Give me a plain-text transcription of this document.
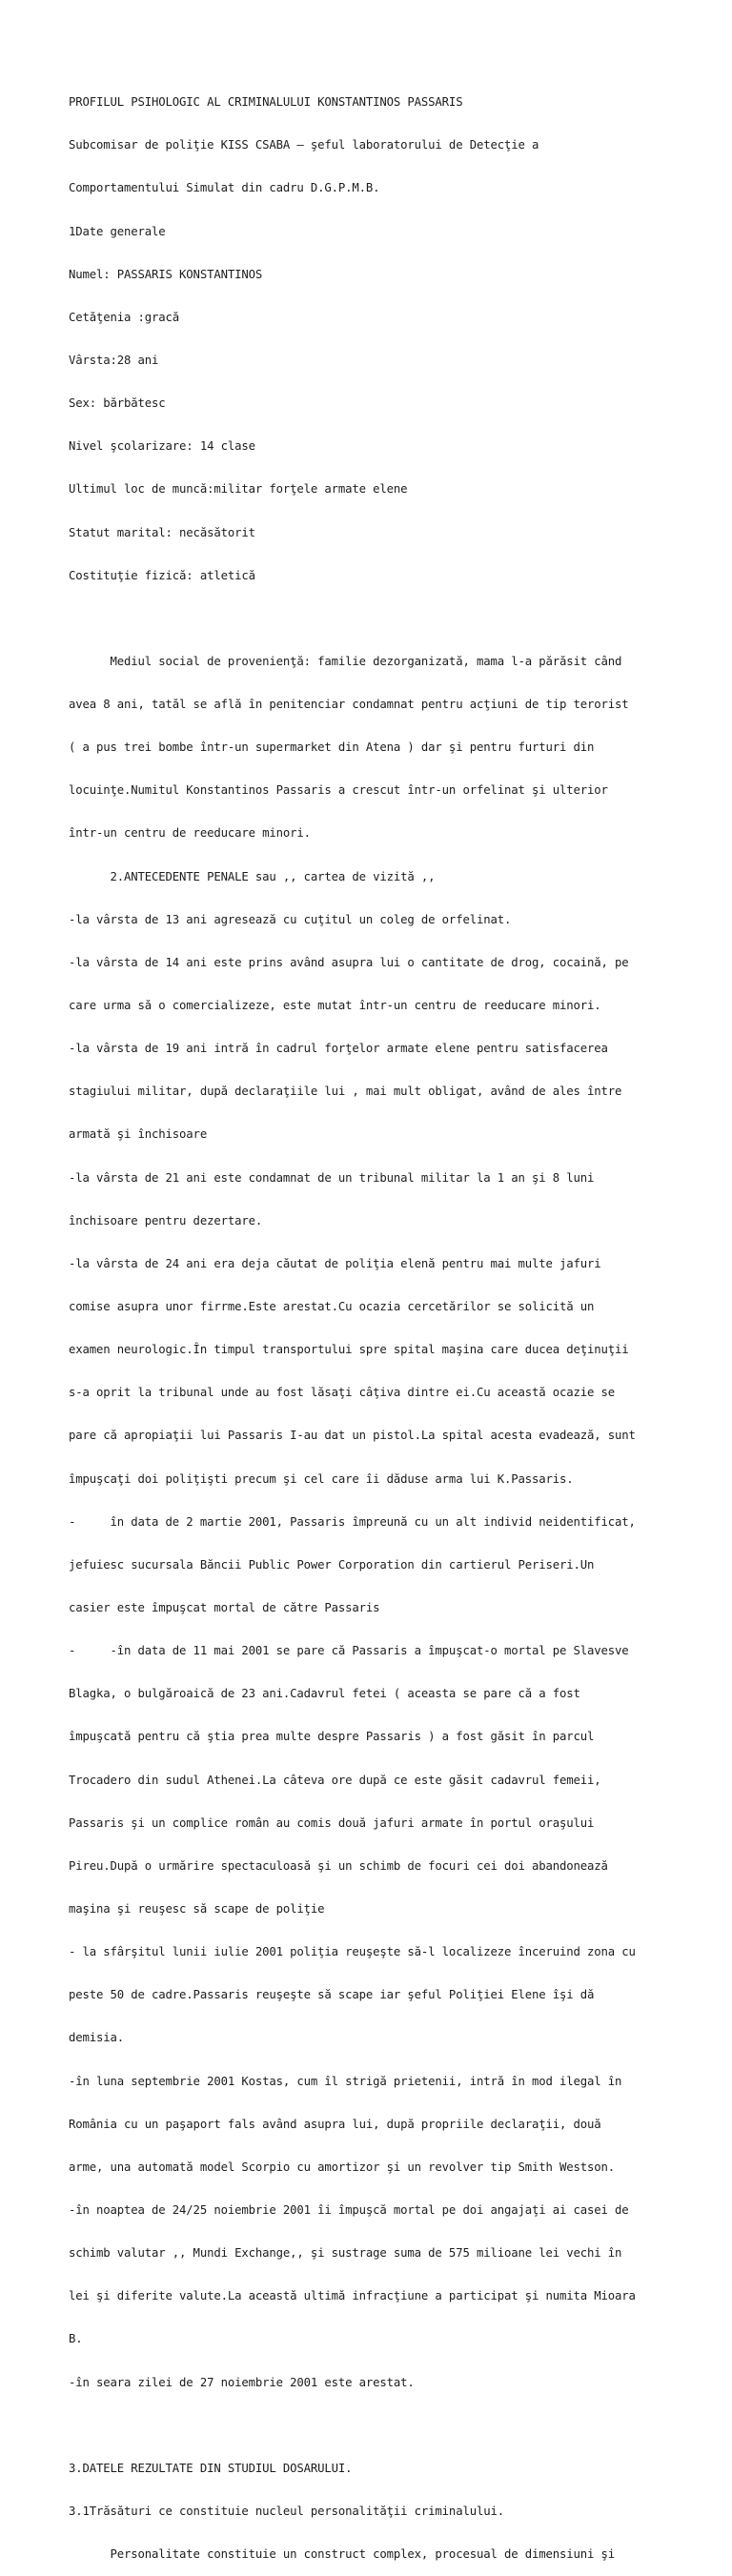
PROFILUL PSIHOLOGIC AL CRIMINALULUI KONSTANTINOS PASSARIS

Subcomisar de poliţie KISS CSABA – şeful laboratorului de Detecţie a

Comportamentului Simulat din cadru D.G.P.M.B.

1Date generale

Numel: PASSARIS KONSTANTINOS

Cetăţenia :gracă

Vârsta:28 ani

Sex: bărbătesc

Nivel şcolarizare: 14 clase

Ultimul loc de muncă:militar forţele armate elene

Statut marital: necăsătorit

Costituţie fizică: atletică

Mediul social de provenienţă: familie dezorganizată, mama l-a părăsit când

avea 8 ani, tatăl se află în penitenciar condamnat pentru acţiuni de tip terorist

( a pus trei bombe într-un supermarket din Atena ) dar şi pentru furturi din

locuinţe.Numitul Konstantinos Passaris a crescut într-un orfelinat şi ulterior

într-un centru de reeducare minori.

2.ANTECEDENTE PENALE sau ,, cartea de vizită ,,

-la vârsta de 13 ani agresează cu cuţitul un coleg de orfelinat.

-la vârsta de 14 ani este prins având asupra lui o cantitate de drog, cocaină, pe

care urma să o comercializeze, este mutat într-un centru de reeducare minori.

-la vârsta de 19 ani intră în cadrul forţelor armate elene pentru satisfacerea

stagiului militar, după declaraţiile lui , mai mult obligat, având de ales între

armată şi închisoare

-la vârsta de 21 ani este condamnat de un tribunal militar la 1 an şi 8 luni

închisoare pentru dezertare.

-la vârsta de 24 ani era deja căutat de poliţia elenă pentru mai multe jafuri

comise asupra unor firrme.Este arestat.Cu ocazia cercetărilor se solicită un

examen neurologic.În timpul transportului spre spital maşina care ducea deţinuţii

s-a oprit la tribunal unde au fost lăsaţi câţiva dintre ei.Cu această ocazie se

pare că apropiaţii lui Passaris I-au dat un pistol.La spital acesta evadează, sunt

împuşcaţi doi poliţişti precum şi cel care îi dăduse arma lui K.Passaris.

-     în data de 2 martie 2001, Passaris împreună cu un alt individ neidentificat,

jefuiesc sucursala Băncii Public Power Corporation din cartierul Periseri.Un

casier este împuşcat mortal de către Passaris

-     -în data de 11 mai 2001 se pare că Passaris a împuşcat-o mortal pe Slavesve

Blagka, o bulgăroaică de 23 ani.Cadavrul fetei ( aceasta se pare că a fost

împuşcată pentru că ştia prea multe despre Passaris ) a fost găsit în parcul

Trocadero din sudul Athenei.La câteva ore după ce este găsit cadavrul femeii,

Passaris şi un complice român au comis două jafuri armate în portul oraşului

Pireu.După o urmărire spectaculoasă şi un schimb de focuri cei doi abandonează

maşina şi reuşesc să scape de poliţie

- la sfârşitul lunii iulie 2001 poliţia reuşeşte să-l localizeze înceruind zona cu

peste 50 de cadre.Passaris reuşeşte să scape iar şeful Poliţiei Elene îşi dă

demisia.

-în luna septembrie 2001 Kostas, cum îl strigă prietenii, intră în mod ilegal în

România cu un paşaport fals având asupra lui, după propriile declaraţii, două

arme, una automată model Scorpio cu amortizor şi un revolver tip Smith Westson.

-în noaptea de 24/25 noiembrie 2001 îi împuşcă mortal pe doi angajaţi ai casei de

schimb valutar ,, Mundi Exchange,, şi sustrage suma de 575 milioane lei vechi în

lei şi diferite valute.La această ultimă infracţiune a participat şi numita Mioara

B.

-în seara zilei de 27 noiembrie 2001 este arestat.

3.DATELE REZULTATE DIN STUDIUL DOSARULUI.

3.1Trăsături ce constituie nucleul personalităţii criminalului.

Personalitate constituie un construct complex, procesual de dimensiuni şi
